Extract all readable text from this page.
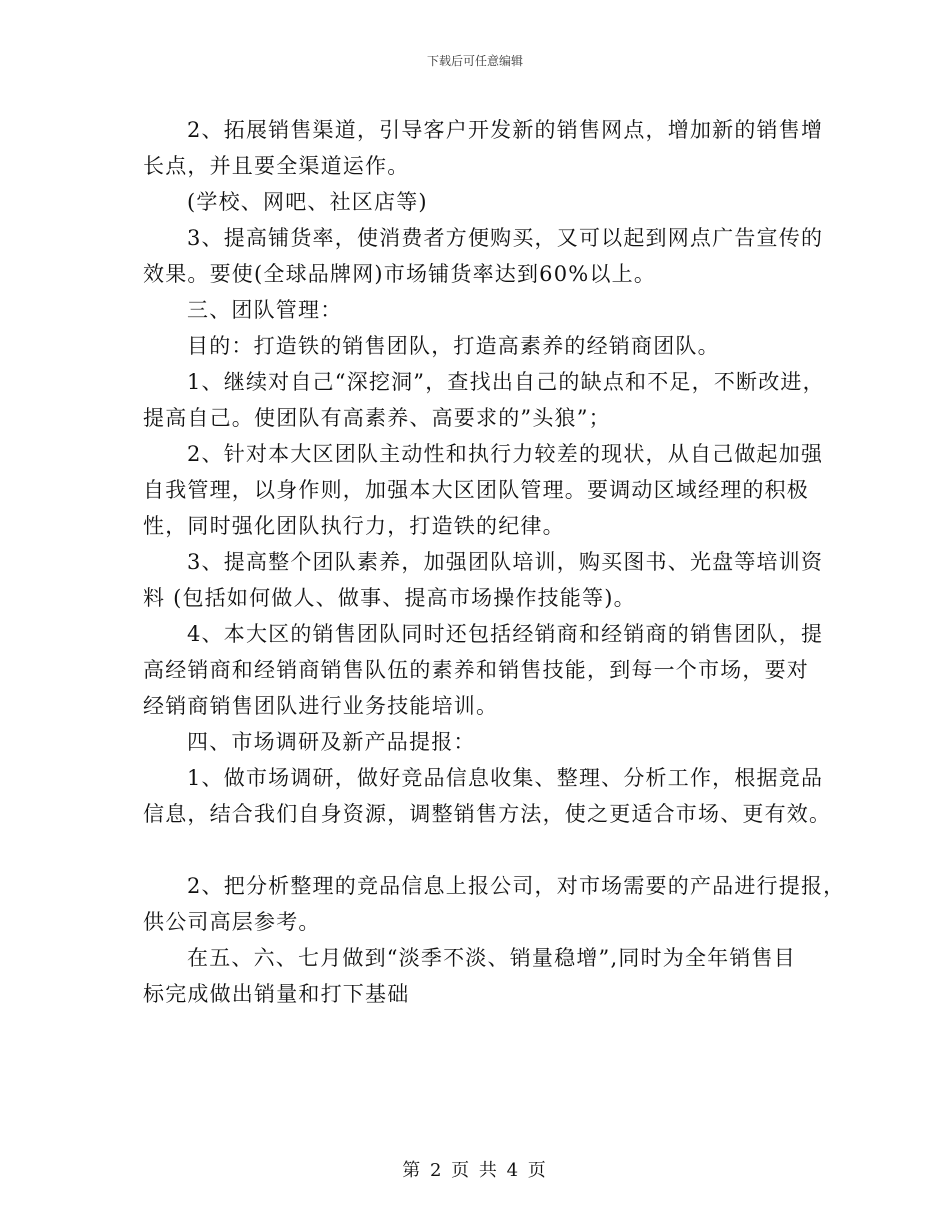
下载后可任意编辑
2、拓展销售渠道，引导客户开发新的销售网点，增加新的销售增
长点，并且要全渠道运作。
(学校、网吧、社区店等)
3、提高铺货率，使消费者方便购买，又可以起到网点广告宣传的
效果。要使(全球品牌网)市场铺货率达到60%以上。
三、团队管理：
目的：打造铁的销售团队，打造高素养的经销商团队。
1、继续对自己“深挖洞”，查找出自己的缺点和不足，不断改进，
提高自己。使团队有高素养、高要求的”头狼”；
2、针对本大区团队主动性和执行力较差的现状，从自己做起加强
自我管理，以身作则，加强本大区团队管理。要调动区域经理的积极
性，同时强化团队执行力，打造铁的纪律。
3、提高整个团队素养，加强团队培训，购买图书、光盘等培训资
料 (包括如何做人、做事、提高市场操作技能等)。
4、本大区的销售团队同时还包括经销商和经销商的销售团队，提
高经销商和经销商销售队伍的素养和销售技能，到每一个市场，要对
经销商销售团队进行业务技能培训。
四、市场调研及新产品提报：
1、做市场调研，做好竞品信息收集、整理、分析工作，根据竞品
信息，结合我们自身资源，调整销售方法，使之更适合市场、更有效。
2、把分析整理的竞品信息上报公司，对市场需要的产品进行提报，
供公司高层参考。
在五、六、七月做到“淡季不淡、销量稳增”,同时为全年销售目
标完成做出销量和打下基础
第 2 页 共 4 页
